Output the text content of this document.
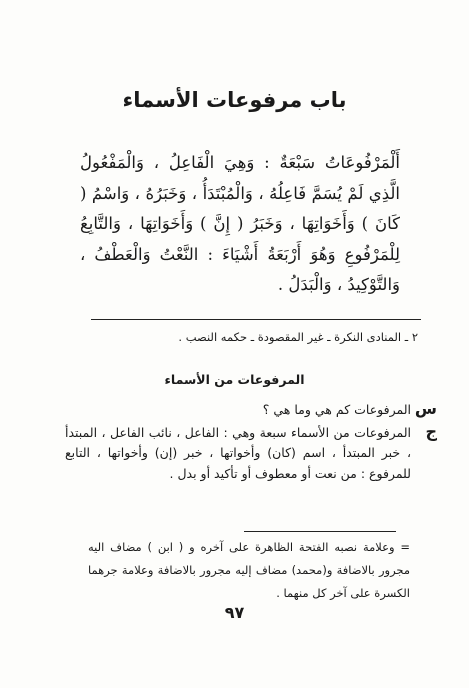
باب مرفوعات الأسماء
أَلْمَرْفُوعَاتُ سَبْعَةٌ : وَهِيَ الْفَاعِلُ ، وَالْمَفْعُولُ الَّذِي لَمْ يُسَمَّ فَاعِلُهُ ، وَالْمُبْتَدَأُ ، وَخَبَرُهُ ، وَاسْمُ ( كَانَ ) وَأَخَوَاتِهَا ، وَخَبَرُ ( إِنَّ ) وَأَخَوَاتِهَا ، وَالتَّابِعُ لِلْمَرْفُوعِ وَهُوَ أَرْبَعَةُ أَشْيَاءَ : النَّعْتُ وَالْعَطْفُ ، وَالتَّوْكِيدُ ، وَالْبَدَلُ .
٢ ـ المنادى النكرة ـ غير المقصودة ـ حكمه النصب .
المرفوعات من الأسماء
س
المرفوعات كم هي وما هي ؟
ج
المرفوعات من الأسماء سبعة وهي : الفاعل ، نائب الفاعل ، المبتدأ ، خبر المبتدأ ، اسم (كان) وأخواتها ، خبر (إن) وأخواتها ، التابع للمرفوع : من نعت أو معطوف أو تأكيد أو بدل .
= وعلامة نصبه الفتحة الظاهرة على آخره و ( ابن ) مضاف اليه مجرور بالاضافة و(محمد) مضاف إليه مجرور بالاضافة وعلامة جرهما الكسرة على آخر كل منهما .
٩٧
